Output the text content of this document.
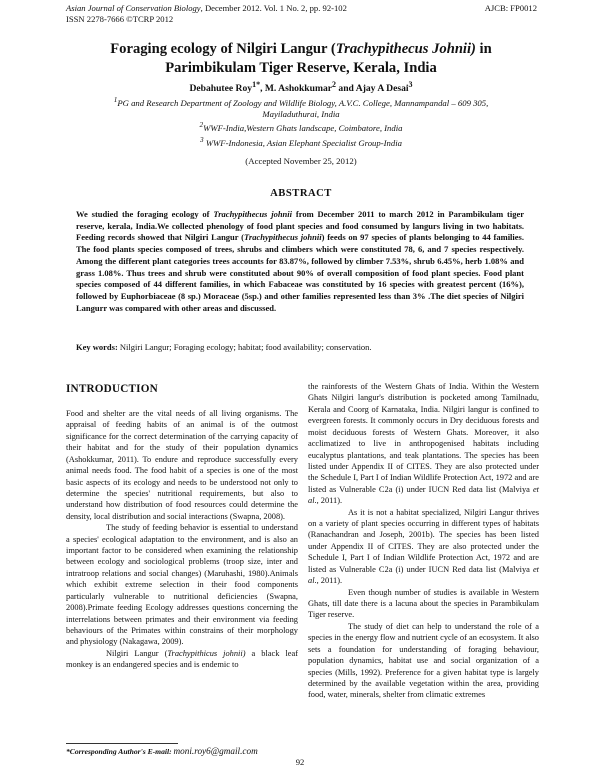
Asian Journal of Conservation Biology, December 2012. Vol. 1 No. 2, pp. 92-102
ISSN 2278-7666 ©TCRP 2012
AJCB: FP0012
Foraging ecology of Nilgiri Langur (Trachypithecus Johnii) in
Parimbikulam Tiger Reserve, Kerala, India
Debahutee Roy$^{1*}$, M. Ashokkumar$^2$ and Ajay A Desai$^3$
$^1$PG and Research Department of Zoology and Wildlife Biology, A.V.C. College, Mannampandal – 609 305,
Mayiladuthurai, India
$^2$WWF-India,Western Ghats landscape, Coimbatore, India
$^3$ WWF-Indonesia, Asian Elephant Specialist Group-India
(Accepted November 25, 2012)
ABSTRACT
We studied the foraging ecology of Trachypithecus johnii from December 2011 to march 2012 in Parambikulam tiger reserve, kerala, India.We collected phenology of food plant species and food consumed by langurs living in two habitats. Feeding records showed that Nilgiri Langur (Trachypithecus johnii) feeds on 97 species of plants belonging to 44 families. The food plants species composed of trees, shrubs and climbers which were constituted 78, 6, and 7 species respectively. Among the different plant categories trees accounts for 83.87%, followed by climber 7.53%, shrub 6.45%, herb 1.08% and grass 1.08%. Thus trees and shrub were constituted about 90% of overall composition of food plant species. Food plant species composed of 44 different families, in which Fabaceae was constituted by 16 species with greatest percent (16%), followed by Euphorbiaceae (8 sp.) Moraceae (5sp.) and other families represented less than 3% .The diet species of Nilgiri Langurr was compared with other areas and discussed.
Key words: Nilgiri Langur; Foraging ecology; habitat; food availability; conservation.
INTRODUCTION

Food and shelter are the vital needs of all living organisms. The appraisal of feeding habits of an animal is of the outmost significance for the correct determination of the carrying capacity of their habitat and for the study of their population dynamics (Ashokkumar, 2011). To endure and reproduce successfully every animal needs food. The food habit of a species is one of the most basic aspects of its ecology and needs to be understood not only to determine the species' nutritional requirements, but also to understand how distribution of food resources could determine the density, local distribution and social interactions (Swapna, 2008).

The study of feeding behavior is essential to understand a species' ecological adaptation to the environment, and is also an important factor to be considered when examining the relationship between ecology and sociological problems (troop size, inter and intratroop relations and social changes) (Maruhashi, 1980).Animals which exhibit extreme selection in their food components particularly vulnerable to nutritional deficiencies (Swapna, 2008).Primate feeding Ecology addresses questions concerning the interrelations between primates and their environment via feeding behaviours of the Primates within constrains of their morphology and physiology (Nakagawa, 2009).

Nilgiri Langur (Trachypithicus johnii) a black leaf monkey is an endangered species and is endemic to

the rainforests of the Western Ghats of India. Within the Western Ghats Nilgiri langur's distribution is pocketed among Tamilnadu, Kerala and Coorg of Karnataka, India. Nilgiri langur is confined to evergreen forests. It commonly occurs in Dry deciduous forests and moist deciduous forests of Western Ghats. Moreover, it also acclimatized to live in anthropogenised habitats including eucalyptus plantations, and teak plantations. The species has been listed under Appendix II of CITES. They are also protected under the Schedule I, Part I of Indian Wildlife Protection Act, 1972 and are listed as Vulnerable C2a (i) under IUCN Red data list (Malviya et al., 2011).

As it is not a habitat specialized, Nilgiri Langur thrives on a variety of plant species occurring in different types of habitats (Ranachandran and Joseph, 2001b). The species has been listed under Appendix II of CITES. They are also protected under the Schedule I, Part I of Indian Wildlife Protection Act, 1972 and are listed as Vulnerable C2a (i) under IUCN Red data list (Malviya et al., 2011).

Even though number of studies is available in Western Ghats, till date there is a lacuna about the species in Parambikulam Tiger reserve.

The study of diet can help to understand the role of a species in the energy flow and nutrient cycle of an ecosystem. It also sets a foundation for understanding of foraging behaviour, population dynamics, habitat use and social organization of a species (Mills, 1992). Preference for a given habitat type is largely determined by the available vegetation within the area, providing food, water, minerals, shelter from climatic extremes

*Corresponding Author's E-mail: moni.roy6@gmail.com
92
